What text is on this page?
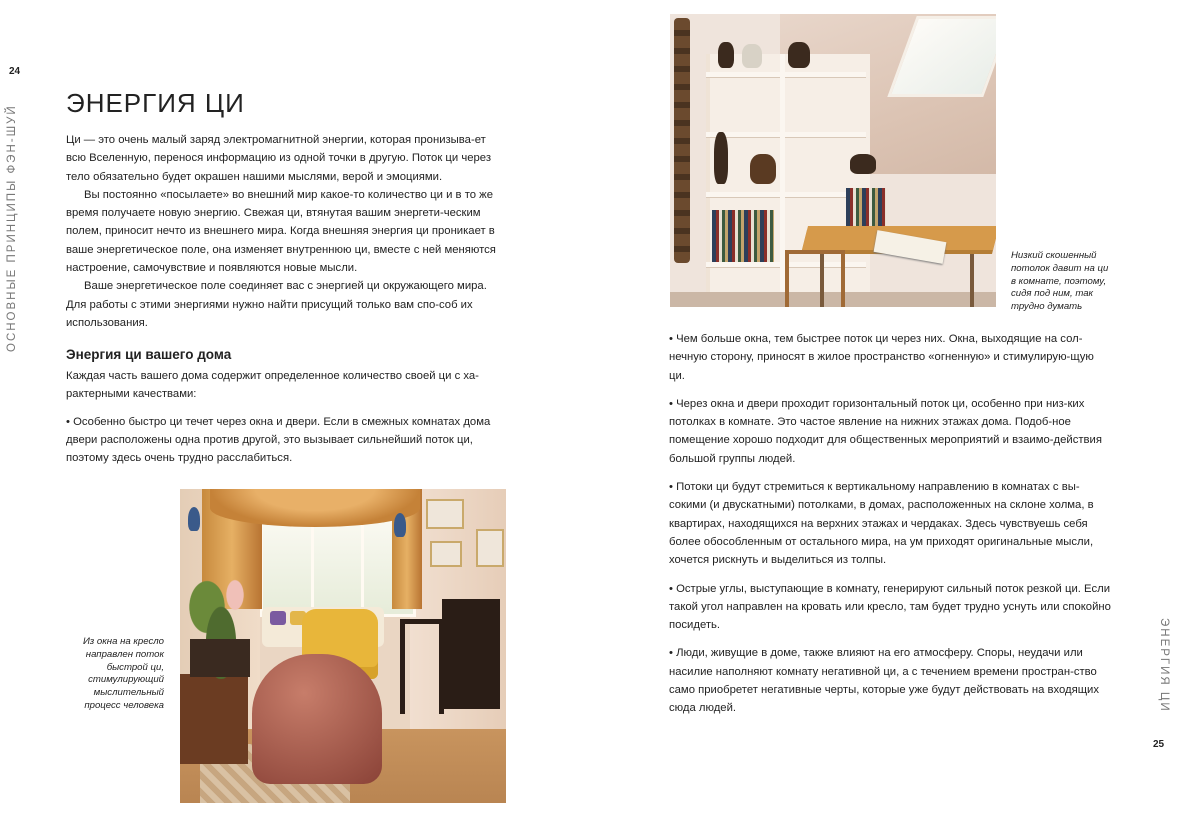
24
ОСНОВНЫЕ ПРИНЦИПЫ ФЭН-ШУЙ
ЭНЕРГИЯ ЦИ

Ци — это очень малый заряд электромагнитной энергии, которая пронизыва-ет всю Вселенную, перенося информацию из одной точки в другую. Поток ци через тело обязательно будет окрашен нашими мыслями, верой и эмоциями.

Вы постоянно «посылаете» во внешний мир какое-то количество ци и в то же время получаете новую энергию. Свежая ци, втянутая вашим энергети-ческим полем, приносит нечто из внешнего мира. Когда внешняя энергия ци проникает в ваше энергетическое поле, она изменяет внутреннюю ци, вместе с ней меняются настроение, самочувствие и появляются новые мысли.

Ваше энергетическое поле соединяет вас с энергией ци окружающего мира. Для работы с этими энергиями нужно найти присущий только вам спо-соб их использования.

Энергия ци вашего дома

Каждая часть вашего дома содержит определенное количество своей ци с ха-рактерными качествами:

• Особенно быстро ци течет через окна и двери. Если в смежных комнатах дома двери расположены одна против другой, это вызывает сильнейший поток ци, поэтому здесь очень трудно расслабиться.

Из окна на кресло направлен поток быстрой ци, стимулирующий мыслительный процесс человека
Низкий скошенный потолок давит на ци в комнате, поэтому, сидя под ним, так трудно думать

• Чем больше окна, тем быстрее поток ци через них. Окна, выходящие на сол-нечную сторону, приносят в жилое пространство «огненную» и стимулирую-щую ци.

• Через окна и двери проходит горизонтальный поток ци, особенно при низ-ких потолках в комнате. Это частое явление на нижних этажах дома. Подоб-ное помещение хорошо подходит для общественных мероприятий и взаимо-действия большой группы людей.

• Потоки ци будут стремиться к вертикальному направлению в комнатах с вы-сокими (и двускатными) потолками, в домах, расположенных на склоне холма, в квартирах, находящихся на верхних этажах и чердаках. Здесь чувствуешь себя более обособленным от остального мира, на ум приходят оригинальные мысли, хочется рискнуть и выделиться из толпы.

• Острые углы, выступающие в комнату, генерируют сильный поток резкой ци. Если такой угол направлен на кровать или кресло, там будет трудно уснуть или спокойно посидеть.

• Люди, живущие в доме, также влияют на его атмосферу. Споры, неудачи или насилие наполняют комнату негативной ци, а с течением времени простран-ство само приобретет негативные черты, которые уже будут действовать на входящих сюда людей.	ЭНЕРГИЯ ЦИ
25
